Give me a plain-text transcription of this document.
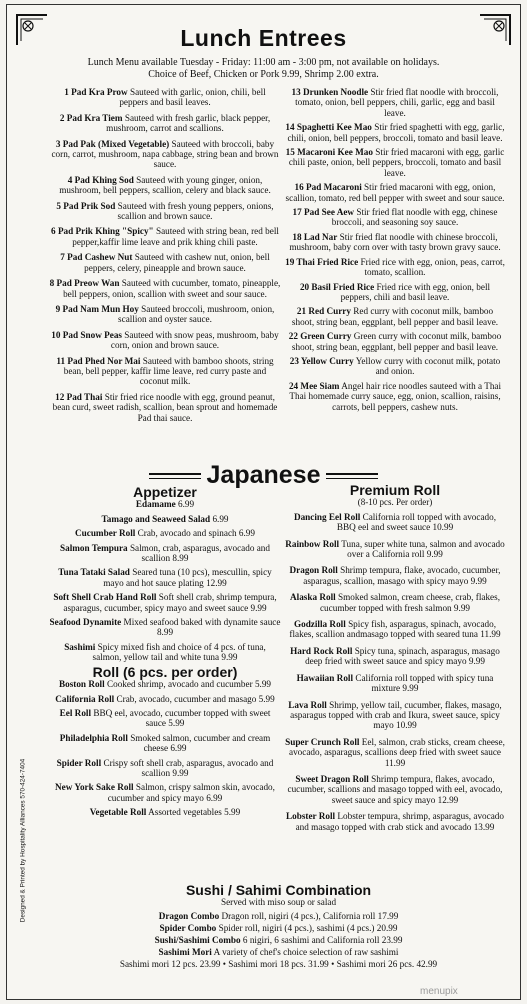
Lunch Entrees
Lunch Menu available Tuesday - Friday: 11:00 am - 3:00 pm, not available on holidays.
Choice of Beef, Chicken or Pork 9.99, Shrimp 2.00 extra.
1 Pad Kra Prow Sauteed with garlic, onion, chili, bell peppers and basil leaves.
2 Pad Kra Tiem Sauteed with fresh garlic, black pepper, mushroom, carrot and scallions.
3 Pad Pak (Mixed Vegetable) Sauteed with broccoli, baby corn, carrot, mushroom, napa cabbage, string bean and brown sauce.
4 Pad Khing Sod Sauteed with young ginger, onion, mushroom, bell peppers, scallion, celery and black sauce.
5 Pad Prik Sod Sauteed with fresh young peppers, onions, scallion and brown sauce.
6 Pad Prik Khing "Spicy" Sauteed with string bean, red bell pepper,kaffir lime leave and prik khing chili paste.
7 Pad Cashew Nut Sauteed with cashew nut, onion, bell peppers, celery, pineapple and brown sauce.
8 Pad Preow Wan Sauteed with cucumber, tomato, pineapple, bell peppers, onion, scallion with sweet and sour sauce.
9 Pad Nam Mun Hoy Sauteed broccoli, mushroom, onion, scallion and oyster sauce.
10 Pad Snow Peas Sauteed with snow peas, mushroom, baby corn, onion and brown sauce.
11 Pad Phed Nor Mai Sauteed with bamboo shoots, string bean, bell pepper, kaffir lime leave, red curry paste and coconut milk.
12 Pad Thai Stir fried rice noodle with egg, ground peanut, bean curd, sweet radish, scallion, bean sprout and homemade Pad thai sauce.
13 Drunken Noodle Stir fried flat noodle with broccoli, tomato, onion, bell peppers, chili, garlic, egg and basil leave.
14 Spaghetti Kee Mao Stir fried spaghetti with egg, garlic, chili, onion, bell peppers, broccoli, tomato and basil leave.
15 Macaroni Kee Mao Stir fried macaroni with egg, garlic chili paste, onion, bell peppers, broccoli, tomato and basil leave.
16 Pad Macaroni Stir fried macaroni with egg, onion, scallion, tomato, red bell pepper with sweet and sour sauce.
17 Pad See Aew Stir fried flat noodle with egg, chinese broccoli, and seasoning soy sauce.
18 Lad Nar Stir fried flat noodle with chinese broccoli, mushroom, baby corn over with tasty brown gravy sauce.
19 Thai Fried Rice Fried rice with egg, onion, peas, carrot, tomato, scallion.
20 Basil Fried Rice Fried rice with egg, onion, bell peppers, chili and basil leave.
21 Red Curry Red curry with coconut milk, bamboo shoot, string bean, eggplant, bell pepper and basil leave.
22 Green Curry Green curry with coconut milk, bamboo shoot, string bean, eggplant, bell pepper and basil leave.
23 Yellow Curry Yellow curry with coconut milk, potato and onion.
24 Mee Siam Angel hair rice noodles sauteed with a Thai Thai homemade curry sauce, egg, onion, scallion, raisins, carrots, bell peppers, cashew nuts.
Japanese
Appetizer
Edamame 6.99
Tamago and Seaweed Salad 6.99
Cucumber Roll Crab, avocado and spinach 6.99
Salmon Tempura Salmon, crab, asparagus, avocado and scallion 8.99
Tuna Tataki Salad Seared tuna (10 pcs), mescullin, spicy mayo and hot sauce plating 12.99
Soft Shell Crab Hand Roll Soft shell crab, shrimp tempura, asparagus, cucumber, spicy mayo and sweet sauce 9.99
Seafood Dynamite Mixed seafood baked with dynamite sauce 8.99
Sashimi Spicy mixed fish and choice of 4 pcs. of tuna, salmon, yellow tail and white tuna 9.99
Roll (6 pcs. per order)
Boston Roll Cooked shrimp, avocado and cucumber 5.99
California Roll Crab, avocado, cucumber and masago 5.99
Eel Roll BBQ eel, avocado, cucumber topped with sweet sauce 5.99
Philadelphia Roll Smoked salmon, cucumber and cream cheese 6.99
Spider Roll Crispy soft shell crab, asparagus, avocado and scallion 9.99
New York Sake Roll Salmon, crispy salmon skin, avocado, cucumber and spicy mayo 6.99
Vegetable Roll Assorted vegetables 5.99
Premium Roll
(8-10 pcs. Per order)
Dancing Eel Roll California roll topped with avocado, BBQ eel and sweet sauce 10.99
Rainbow Roll Tuna, super white tuna, salmon and avocado over a California roll 9.99
Dragon Roll Shrimp tempura, flake, avocado, cucumber, asparagus, scallion, masago with spicy mayo 9.99
Alaska Roll Smoked salmon, cream cheese, crab, flakes, cucumber topped with fresh salmon 9.99
Godzilla Roll Spicy fish, asparagus, spinach, avocado, flakes, scallion andmasago topped with seared tuna 11.99
Hard Rock Roll Spicy tuna, spinach, asparagus, masago deep fried with sweet sauce and spicy mayo 9.99
Hawaiian Roll California roll topped with spicy tuna mixture 9.99
Lava Roll Shrimp, yellow tail, cucumber, flakes, masago, asparagus topped with crab and Ikura, sweet sauce, spicy mayo 10.99
Super Crunch Roll Eel, salmon, crab sticks, cream cheese, avocado, asparagus, scallions deep fried with sweet sauce 11.99
Sweet Dragon Roll Shrimp tempura, flakes, avocado, cucumber, scallions and masago topped with eel, avocado, sweet sauce and spicy mayo 12.99
Lobster Roll Lobster tempura, shrimp, asparagus, avocado and masago topped with crab stick and avocado 13.99
Sushi / Sahimi Combination
Served with miso soup or salad
Dragon Combo Dragon roll, nigiri (4 pcs.), California roll 17.99
Spider Combo Spider roll, nigiri (4 pcs.), sashimi (4 pcs.) 20.99
Sushi/Sashimi Combo 6 nigiri, 6 sashimi and California roll 23.99
Sashimi Mori A variety of chef's choice selection of raw sashimi
Sashimi mori 12 pcs. 23.99 • Sashimi mori 18 pcs. 31.99 • Sashimi mori 26 pcs. 42.99
Designed & Printed by Hospitality Alliances 570-424-7404
menupix
